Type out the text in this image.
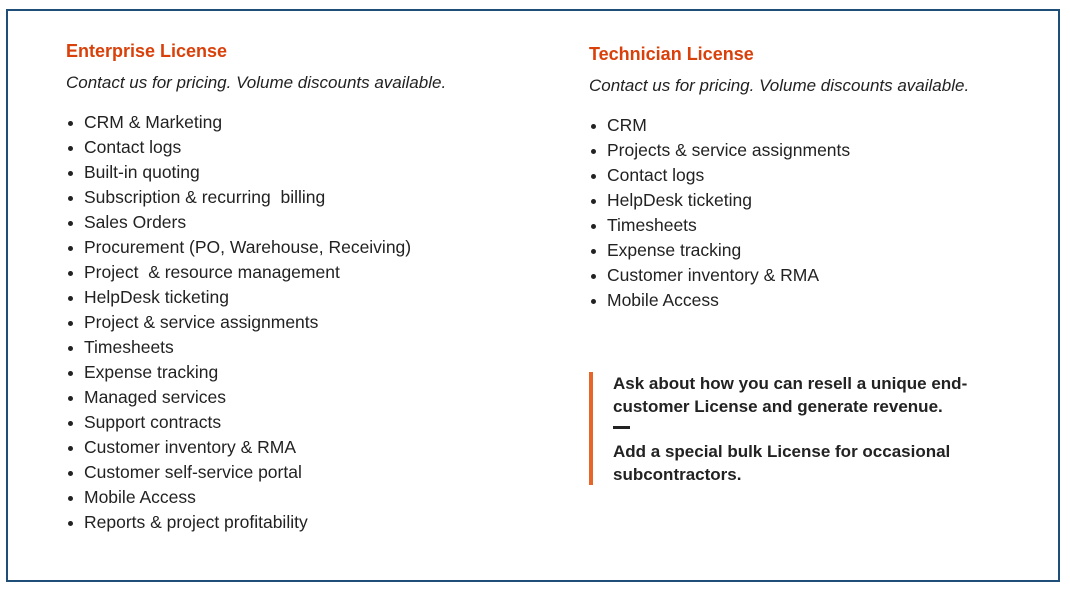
Enterprise License

Contact us for pricing. Volume discounts available.

CRM & Marketing
Contact logs
Built-in quoting
Subscription & recurring  billing
Sales Orders
Procurement (PO, Warehouse, Receiving)
Project  & resource management
HelpDesk ticketing
Project & service assignments
Timesheets
Expense tracking
Managed services
Support contracts
Customer inventory & RMA
Customer self-service portal
Mobile Access
Reports & project profitability
Technician License

Contact us for pricing. Volume discounts available.

CRM
Projects & service assignments
Contact logs
HelpDesk ticketing
Timesheets
Expense tracking
Customer inventory & RMA
Mobile Access

Ask about how you can resell a unique end-customer License and generate revenue.

Add a special bulk License for occasional subcontractors.
